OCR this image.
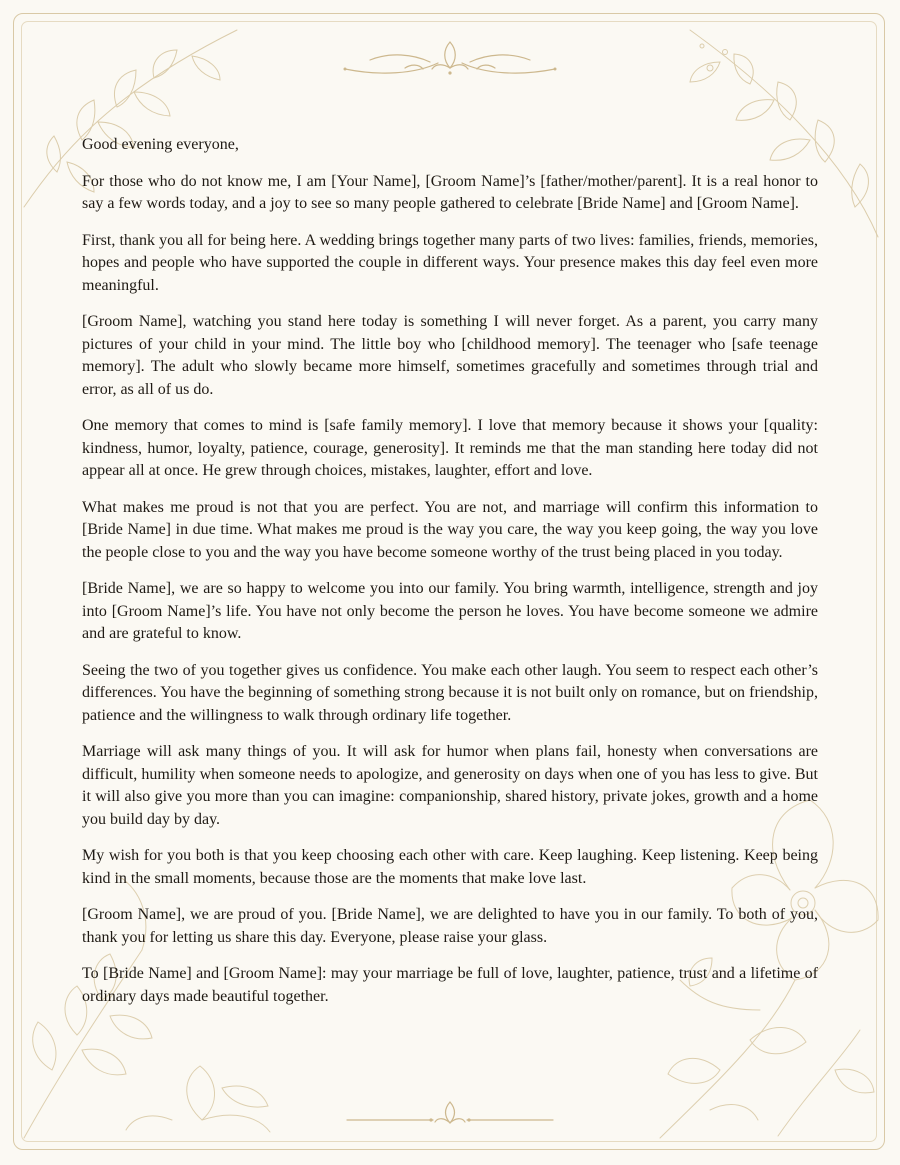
Good evening everyone,

For those who do not know me, I am [Your Name], [Groom Name]’s [father/mother/parent]. It is a real honor to say a few words today, and a joy to see so many people gathered to celebrate [Bride Name] and [Groom Name].

First, thank you all for being here. A wedding brings together many parts of two lives: families, friends, memories, hopes and people who have supported the couple in different ways. Your presence makes this day feel even more meaningful.

[Groom Name], watching you stand here today is something I will never forget. As a parent, you carry many pictures of your child in your mind. The little boy who [childhood memory]. The teenager who [safe teenage memory]. The adult who slowly became more himself, sometimes gracefully and sometimes through trial and error, as all of us do.

One memory that comes to mind is [safe family memory]. I love that memory because it shows your [quality: kindness, humor, loyalty, patience, courage, generosity]. It reminds me that the man standing here today did not appear all at once. He grew through choices, mistakes, laughter, effort and love.

What makes me proud is not that you are perfect. You are not, and marriage will confirm this information to [Bride Name] in due time. What makes me proud is the way you care, the way you keep going, the way you love the people close to you and the way you have become someone worthy of the trust being placed in you today.

[Bride Name], we are so happy to welcome you into our family. You bring warmth, intelligence, strength and joy into [Groom Name]’s life. You have not only become the person he loves. You have become someone we admire and are grateful to know.

Seeing the two of you together gives us confidence. You make each other laugh. You seem to respect each other’s differences. You have the beginning of something strong because it is not built only on romance, but on friendship, patience and the willingness to walk through ordinary life together.

Marriage will ask many things of you. It will ask for humor when plans fail, honesty when conversations are difficult, humility when someone needs to apologize, and generosity on days when one of you has less to give. But it will also give you more than you can imagine: companionship, shared history, private jokes, growth and a home you build day by day.

My wish for you both is that you keep choosing each other with care. Keep laughing. Keep listening. Keep being kind in the small moments, because those are the moments that make love last.

[Groom Name], we are proud of you. [Bride Name], we are delighted to have you in our family. To both of you, thank you for letting us share this day. Everyone, please raise your glass.

To [Bride Name] and [Groom Name]: may your marriage be full of love, laughter, patience, trust and a lifetime of ordinary days made beautiful together.
